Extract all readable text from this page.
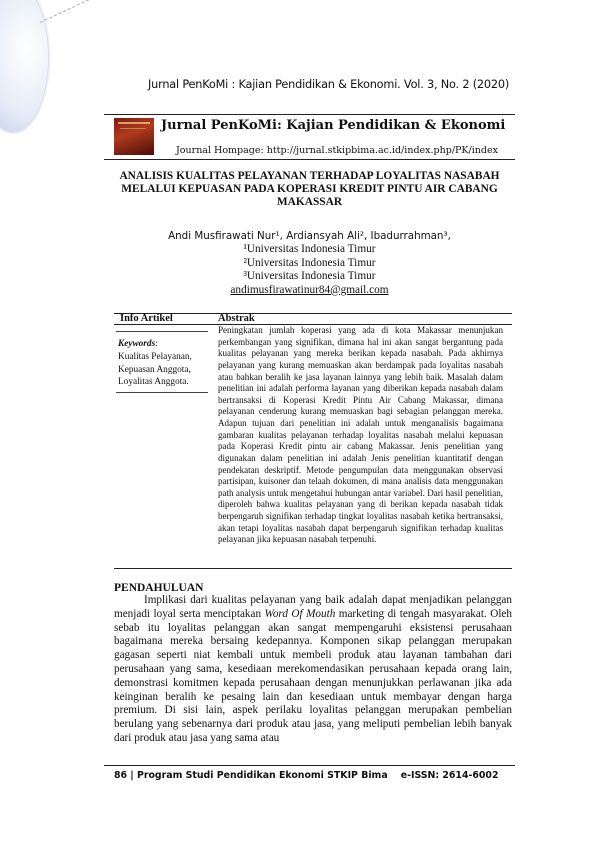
Jurnal PenKoMi : Kajian Pendidikan & Ekonomi. Vol. 3, No. 2 (2020)
Jurnal PenKoMi: Kajian Pendidikan & Ekonomi
Journal Hompage: http://jurnal.stkipbima.ac.id/index.php/PK/index
ANALISIS KUALITAS PELAYANAN TERHADAP LOYALITAS NASABAH MELALUI KEPUASAN PADA KOPERASI KREDIT PINTU AIR CABANG MAKASSAR
Andi Musfirawati Nur¹, Ardiansyah Ali², Ibadurrahman³,
¹Universitas Indonesia Timur
²Universitas Indonesia Timur
³Universitas Indonesia Timur
andimusfirawatinur84@gmail.com
Info Artikel	Abstrak
Keywords:
Kualitas Pelayanan,
Kepuasan Anggota,
Loyalitas Anggota.
Peningkatan jumlah koperasi yang ada di kota Makassar menunjukan perkembangan yang signifikan, dimana hal ini akan sangat bergantung pada kualitas pelayanan yang mereka berikan kepada nasabah. Pada akhirnya pelayanan yang kurang memuaskan akan berdampak pada loyalitas nasabah atau bahkan beralih ke jasa layanan lainnya yang lebih baik. Masalah dalam penelitian ini adalah performa layanan yang diberikan kepada nasabah dalam bertransaksi di Koperasi Kredit Pintu Air Cabang Makassar, dimana pelayanan cenderung kurang memuaskan bagi sebagian pelanggan mereka. Adapun tujuan dari penelitian ini adalah untuk menganalisis bagaimana gambaran kualitas pelayanan terhadap loyalitas nasabah melalui kepuasan pada Koperasi Kredit pintu air cabang Makassar. Jenis penelitian yang digunakan dalam penelitian ini adalah Jenis penelitian kuantitatif dengan pendekatan deskriptif. Metode pengumpulan data menggunakan observasi partisipan, kuisoner dan telaah dokumen, di mana analisis data menggunakan path analysis untuk mengetahui hubungan antar variabel. Dari hasil penelitian, diperoleh bahwa kualitas pelayanan yang di berikan kepada nasabah tidak berpengaruh signifikan terhadap tingkat loyalitas nasabah ketika bertransaksi, akan tetapi loyalitas nasabah dapat berpengaruh signifikan terhadap kualitas pelayanan jika kepuasan nasabah terpenuhi.
PENDAHULUAN
Implikasi dari kualitas pelayanan yang baik adalah dapat menjadikan pelanggan menjadi loyal serta menciptakan Word Of Mouth marketing di tengah masyarakat. Oleh sebab itu loyalitas pelanggan akan sangat mempengaruhi eksistensi perusahaan bagaimana mereka bersaing kedepannya. Komponen sikap pelanggan merupakan gagasan seperti niat kembali untuk membeli produk atau layanan tambahan dari perusahaan yang sama, kesediaan merekomendasikan perusahaan kepada orang lain, demonstrasi komitmen kepada perusahaan dengan menunjukkan perlawanan jika ada keinginan beralih ke pesaing lain dan kesediaan untuk membayar dengan harga premium. Di sisi lain, aspek perilaku loyalitas pelanggan merupakan pembelian berulang yang sebenarnya dari produk atau jasa, yang meliputi pembelian lebih banyak dari produk atau jasa yang sama atau
86 | Program Studi Pendidikan Ekonomi STKIP Bima    e-ISSN: 2614-6002
